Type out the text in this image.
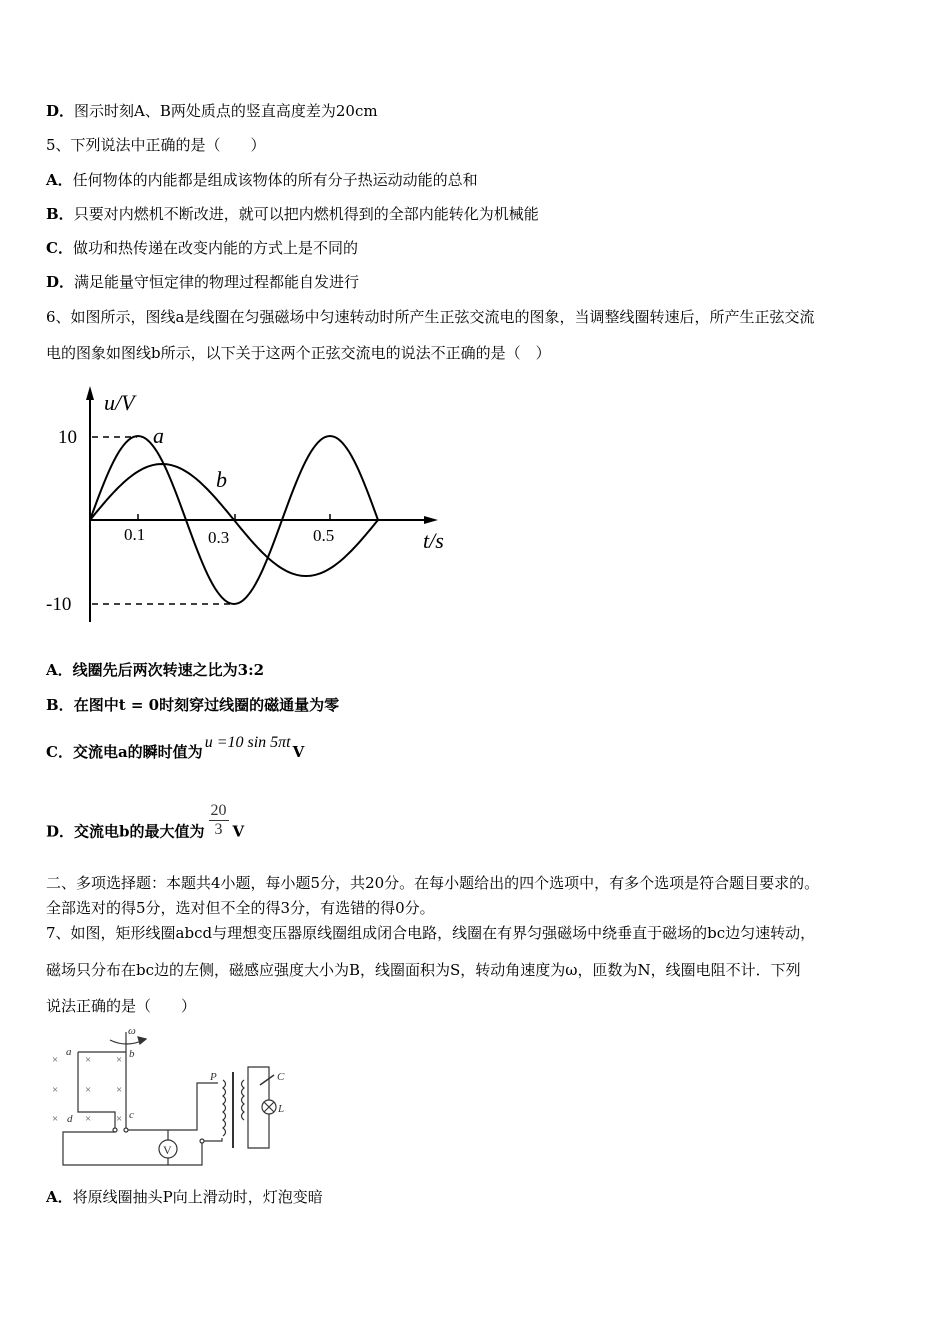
D．图示时刻A、B两处质点的竖直高度差为20cm
5、下列说法中正确的是（　　）
A．任何物体的内能都是组成该物体的所有分子热运动动能的总和
B．只要对内燃机不断改进，就可以把内燃机得到的全部内能转化为机械能
C．做功和热传递在改变内能的方式上是不同的
D．满足能量守恒定律的物理过程都能自发进行
6、如图所示，图线a是线圈在匀强磁场中匀速转动时所产生正弦交流电的图象，当调整线圈转速后，所产生正弦交流
电的图象如图线b所示，以下关于这两个正弦交流电的说法不正确的是（　）
u/V
t/s
10
-10
0.1	0.3	0.5
a
b
A．线圈先后两次转速之比为3:2
B．在图中t = 0时刻穿过线圈的磁通量为零
C．交流电a的瞬时值为u =10 sin 5πtV
D．交流电b的最大值为 $\frac{20}{3}$ V
二、多项选择题：本题共4小题，每小题5分，共20分。在每小题给出的四个选项中，有多个选项是符合题目要求的。
全部选对的得5分，选对但不全的得3分，有选错的得0分。
7、如图，矩形线圈abcd与理想变压器原线圈组成闭合电路，线圈在有界匀强磁场中绕垂直于磁场的bc边匀速转动，
磁场只分布在bc边的左侧，磁感应强度大小为B，线圈面积为S，转动角速度为ω，匝数为N，线圈电阻不计．下列
说法正确的是（　　）
× × ×
× × ×
× × ×
V
a	b
c
d
ω
P	C
L
A．将原线圈抽头P向上滑动时，灯泡变暗
